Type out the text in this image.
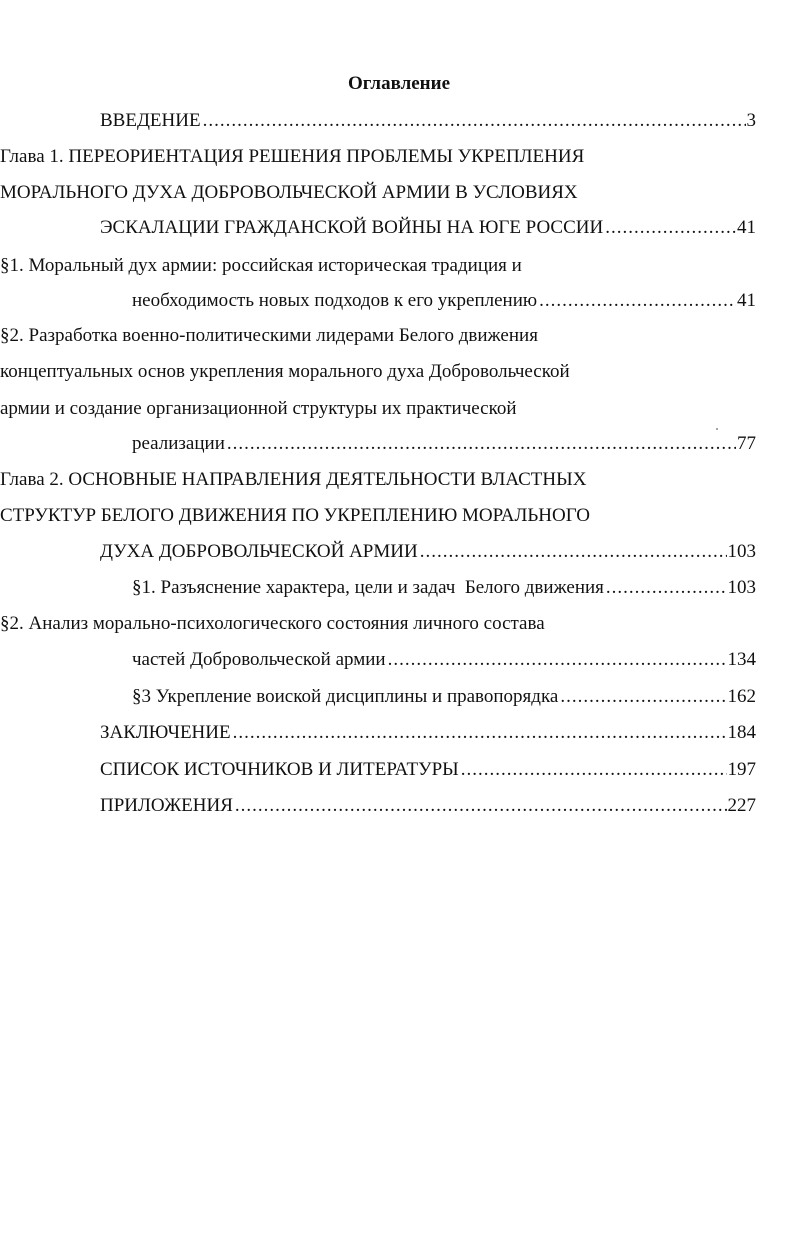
Оглавление
ВВЕДЕНИЕ .....	3
Глава 1. ПЕРЕОРИЕНТАЦИЯ РЕШЕНИЯ ПРОБЛЕМЫ УКРЕПЛЕНИЯ
МОРАЛЬНОГО ДУХА ДОБРОВОЛЬЧЕСКОЙ АРМИИ В УСЛОВИЯХ
ЭСКАЛАЦИИ ГРАЖДАНСКОЙ ВОЙНЫ НА ЮГЕ РОССИИ .....	41
§1. Моральный дух армии: российская историческая традиция и
необходимость новых подходов к его укреплению .....	41
§2. Разработка военно-политическими лидерами Белого движения
концептуальных основ укрепления морального духа Добровольческой
армии и создание организационной структуры их практической
реализации .....	77
Глава 2. ОСНОВНЫЕ НАПРАВЛЕНИЯ ДЕЯТЕЛЬНОСТИ ВЛАСТНЫХ
СТРУКТУР БЕЛОГО ДВИЖЕНИЯ ПО УКРЕПЛЕНИЮ МОРАЛЬНОГО
ДУХА ДОБРОВОЛЬЧЕСКОЙ АРМИИ .....	103
§1. Разъяснение характера, цели и задач  Белого движения .....	103
§2. Анализ морально-психологического состояния личного состава
частей Добровольческой армии .....	134
§3 Укрепление воиской дисциплины и правопорядка .....	162
ЗАКЛЮЧЕНИЕ .....	184
СПИСОК ИСТОЧНИКОВ И ЛИТЕРАТУРЫ .....	197
ПРИЛОЖЕНИЯ .....	227
